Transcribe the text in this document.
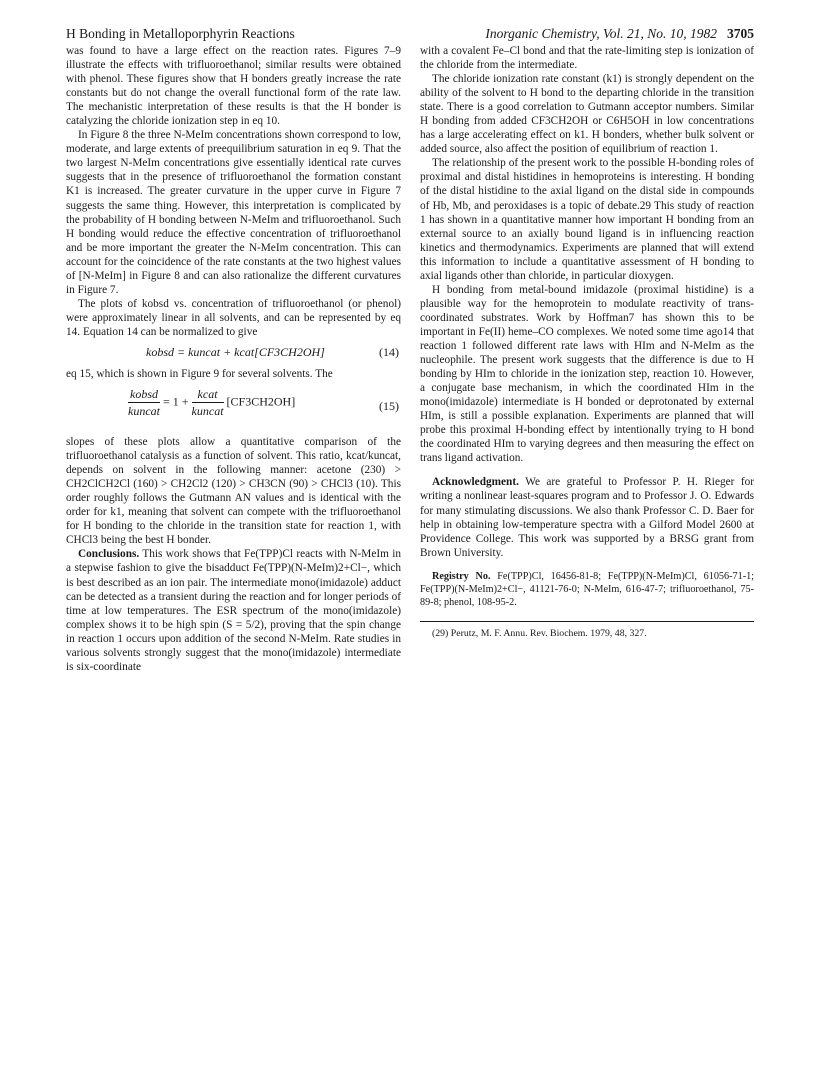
H Bonding in Metalloporphyrin Reactions	Inorganic Chemistry, Vol. 21, No. 10, 1982 3705

was found to have a large effect on the reaction rates. Figures 7–9 illustrate the effects with trifluoroethanol; similar results were obtained with phenol. These figures show that H bonders greatly increase the rate constants but do not change the overall functional form of the rate law. The mechanistic interpretation of these results is that the H bonder is catalyzing the chloride ionization step in eq 10.

In Figure 8 the three N-MeIm concentrations shown correspond to low, moderate, and large extents of preequilibrium saturation in eq 9. That the two largest N-MeIm concentrations give essentially identical rate curves suggests that in the presence of trifluoroethanol the formation constant K1 is increased. The greater curvature in the upper curve in Figure 7 suggests the same thing. However, this interpretation is complicated by the probability of H bonding between N-MeIm and trifluoroethanol. Such H bonding would reduce the effective concentration of trifluoroethanol and be more important the greater the N-MeIm concentration. This can account for the coincidence of the rate constants at the two highest values of [N-MeIm] in Figure 8 and can also rationalize the different curvatures in Figure 7.

The plots of kobsd vs. concentration of trifluoroethanol (or phenol) were approximately linear in all solvents, and can be represented by eq 14. Equation 14 can be normalized to give

kobsd = kuncat + kcat[CF3CH2OH]	(14)

eq 15, which is shown in Figure 9 for several solvents. The

$\frac{\text{kobsd}}{\text{kuncat}} = 1 + \frac{\text{kcat}}{\text{kuncat}} [CF3CH2OH]$	(15)

slopes of these plots allow a quantitative comparison of the trifluoroethanol catalysis as a function of solvent. This ratio, kcat/kuncat, depends on solvent in the following manner: acetone (230) > CH2ClCH2Cl (160) > CH2Cl2 (120) > CH3CN (90) > CHCl3 (10). This order roughly follows the Gutmann AN values and is identical with the order for k1, meaning that solvent can compete with the trifluoroethanol for H bonding to the chloride in the transition state for reaction 1, with CHCl3 being the best H bonder.

Conclusions. This work shows that Fe(TPP)Cl reacts with N-MeIm in a stepwise fashion to give the bisadduct Fe(TPP)(N-MeIm)2+Cl−, which is best described as an ion pair. The intermediate mono(imidazole) adduct can be detected as a transient during the reaction and for longer periods of time at low temperatures. The ESR spectrum of the mono(imidazole) complex shows it to be high spin (S = 5/2), proving that the spin change in reaction 1 occurs upon addition of the second N-MeIm. Rate studies in various solvents strongly suggest that the mono(imidazole) intermediate is six-coordinate

with a covalent Fe–Cl bond and that the rate-limiting step is ionization of the chloride from the intermediate.

The chloride ionization rate constant (k1) is strongly dependent on the ability of the solvent to H bond to the departing chloride in the transition state. There is a good correlation to Gutmann acceptor numbers. Similar H bonding from added CF3CH2OH or C6H5OH in low concentrations has a large accelerating effect on k1. H bonders, whether bulk solvent or added source, also affect the position of equilibrium of reaction 1.

The relationship of the present work to the possible H-bonding roles of proximal and distal histidines in hemoproteins is interesting. H bonding of the distal histidine to the axial ligand on the distal side in compounds of Hb, Mb, and peroxidases is a topic of debate.29 This study of reaction 1 has shown in a quantitative manner how important H bonding from an external source to an axially bound ligand is in influencing reaction kinetics and thermodynamics. Experiments are planned that will extend this information to include a quantitative assessment of H bonding to axial ligands other than chloride, in particular dioxygen.

H bonding from metal-bound imidazole (proximal histidine) is a plausible way for the hemoprotein to modulate reactivity of trans-coordinated substrates. Work by Hoffman7 has shown this to be important in Fe(II) heme–CO complexes. We noted some time ago14 that reaction 1 followed different rate laws with HIm and N-MeIm as the nucleophile. The present work suggests that the difference is due to H bonding by HIm to chloride in the ionization step, reaction 10. However, a conjugate base mechanism, in which the coordinated HIm in the mono(imidazole) intermediate is H bonded or deprotonated by external HIm, is still a possible explanation. Experiments are planned that will probe this proximal H-bonding effect by intentionally trying to H bond the coordinated HIm to varying degrees and then measuring the effect on trans ligand activation.

Acknowledgment. We are grateful to Professor P. H. Rieger for writing a nonlinear least-squares program and to Professor J. O. Edwards for many stimulating discussions. We also thank Professor C. D. Baer for help in obtaining low-temperature spectra with a Gilford Model 2600 at Providence College. This work was supported by a BRSG grant from Brown University.

Registry No. Fe(TPP)Cl, 16456-81-8; Fe(TPP)(N-MeIm)Cl, 61056-71-1; Fe(TPP)(N-MeIm)2+Cl−, 41121-76-0; N-MeIm, 616-47-7; trifluoroethanol, 75-89-8; phenol, 108-95-2.

(29) Perutz, M. F. Annu. Rev. Biochem. 1979, 48, 327.
